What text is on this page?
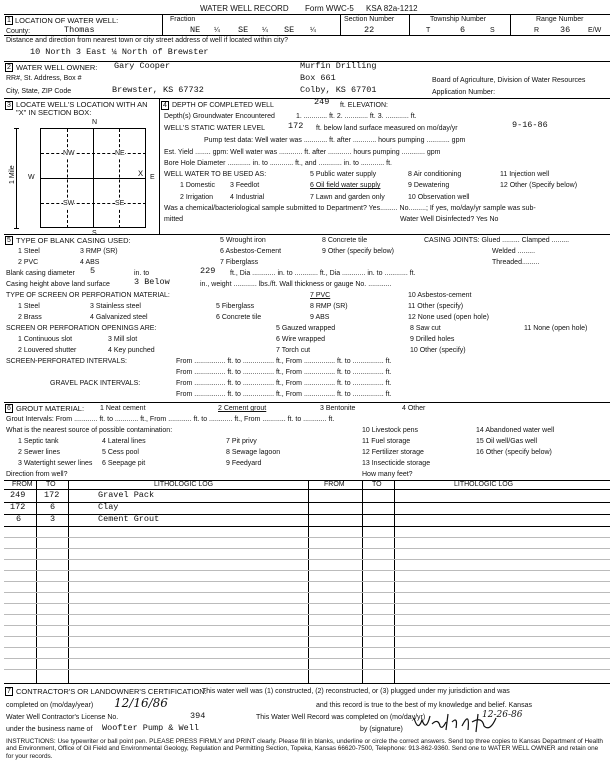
WATER WELL RECORD Form WWC-5 KSA 82a-1212
1 LOCATION OF WATER WELL:
County:	Thomas
Fraction
NE ¼ SE ¼ SE ¼
Section Number
22
Township Number
T	6	S
Range Number
R 36	E/W
Distance and direction from nearest town or city street address of well if located within city?
10 North 3 East ¼ North of Brewster
2 WATER WELL OWNER: Gary Cooper
RR#, St. Address, Box #
City, State, ZIP Code	Brewster, KS 67732
Murfin Drilling
Box 661
Colby, KS 67701
Board of Agriculture, Division of Water Resources
Application Number:
3 LOCATE WELL'S LOCATION WITH AN "X" IN SECTION BOX:
N
S
W	E
1 Mile
NW	NE
SW	SE
X
4 DEPTH OF COMPLETED WELL	249 ft. ELEVATION:
Depth(s) Groundwater Encountered	1. ............ ft. 2. ............ ft. 3. ............ ft.
WELL'S STATIC WATER LEVEL	172 ft. below land surface measured on mo/day/yr	9-16-86
Pump test data: Well water was ............ ft. after ............ hours pumping ............ gpm
Est. Yield ........ gpm: Well water was ............ ft. after ............ hours pumping ............ gpm
Bore Hole Diameter ............ in. to ............ ft., and ............ in. to ............ ft.
WELL WATER TO BE USED AS:
1 Domestic 3 Feedlot
5 Public water supply	8 Air conditioning	11 Injection well
2 Irrigation 4 Industrial
6 Oil field water supply
7 Lawn and garden only
9 Dewatering	12 Other (Specify below)
10 Observation well
Was a chemical/bacteriological sample submitted to Department? Yes......... No.........; If yes, mo/day/yr sample was sub-
mitted	Water Well Disinfected? Yes No
5 TYPE OF BLANK CASING USED:
1 Steel	3 RMP (SR)
5 Wrought iron
6 Asbestos-Cement
8 Concrete tile
9 Other (specify below)
2 PVC	4 ABS	7 Fiberglass
CASING JOINTS: Glued ......... Clamped .........
Welded .........
Threaded.........
Blank casing diameter 5	in. to	229 ft., Dia ............ in. to ............ ft., Dia ............ in. to ............ ft.
Casing height above land surface	3 Below	in., weight ............ lbs./ft. Wall thickness or gauge No. ............
TYPE OF SCREEN OR PERFORATION MATERIAL:
1 Steel	3 Stainless steel	5 Fiberglass
7 PVC	10 Asbestos-cement
2 Brass	4 Galvanized steel	6 Concrete tile
8 RMP (SR)
9 ABS
11 Other (specify)
12 None used (open hole)
SCREEN OR PERFORATION OPENINGS ARE:
1 Continuous slot	3 Mill slot
5 Gauzed wrapped
6 Wire wrapped
7 Torch cut
8 Saw cut
9 Drilled holes
10 Other (specify)
11 None (open hole)
2 Louvered shutter	4 Key punched
SCREEN-PERFORATED INTERVALS:	From ................ ft. to ................ ft., From ................ ft. to ................ ft.
From ................ ft. to ................ ft., From ................ ft. to ................ ft.
GRAVEL PACK INTERVALS:	From ................ ft. to ................ ft., From ................ ft. to ................ ft.
From ................ ft. to ................ ft., From ................ ft. to ................ ft.
6 GROUT MATERIAL: 1 Neat cement	2 Cement grout	3 Bentonite	4 Other
Grout Intervals: From ............ ft. to ............ ft., From ............ ft. to ............ ft., From ............ ft. to ............ ft.
What is the nearest source of possible contamination:
1 Septic tank	4 Lateral lines	7 Pit privy
10 Livestock pens	14 Abandoned water well
2 Sewer lines	5 Cess pool	8 Sewage lagoon
11 Fuel storage	15 Oil well/Gas well
3 Watertight sewer lines 6 Seepage pit	9 Feedyard
12 Fertilizer storage	16 Other (specify below)
13 Insecticide storage
Direction from well?	How many feet?
FROM TO	LITHOLOGIC LOG	FROM	TO	LITHOLOGIC LOG
249 172	Gravel Pack
172	6	Clay
6	3	Cement Grout
7 CONTRACTOR'S OR LANDOWNER'S CERTIFICATION:
This water well was (1) constructed, (2) reconstructed, or (3) plugged under my jurisdiction and was
completed on (mo/day/year) 12/16/86	and this record is true to the best of my knowledge and belief. Kansas
Water Well Contractor's License No.	394	This Water Well Record was completed on (mo/day/yr)	12-26-86
under the business name of Woofter Pump & Well	by (signature)
INSTRUCTIONS: Use typewriter or ball point pen. PLEASE PRESS FIRMLY and PRINT clearly. Please fill in blanks, underline or circle the correct answers. Send top three copies to Kansas Department of Health and Environment, Office of Oil Field and Environmental Geology, Regulation and Permitting Section, Topeka, Kansas 66620-7500, Telephone: 913-862-9360. Send one to WATER WELL OWNER and retain one for your records.
